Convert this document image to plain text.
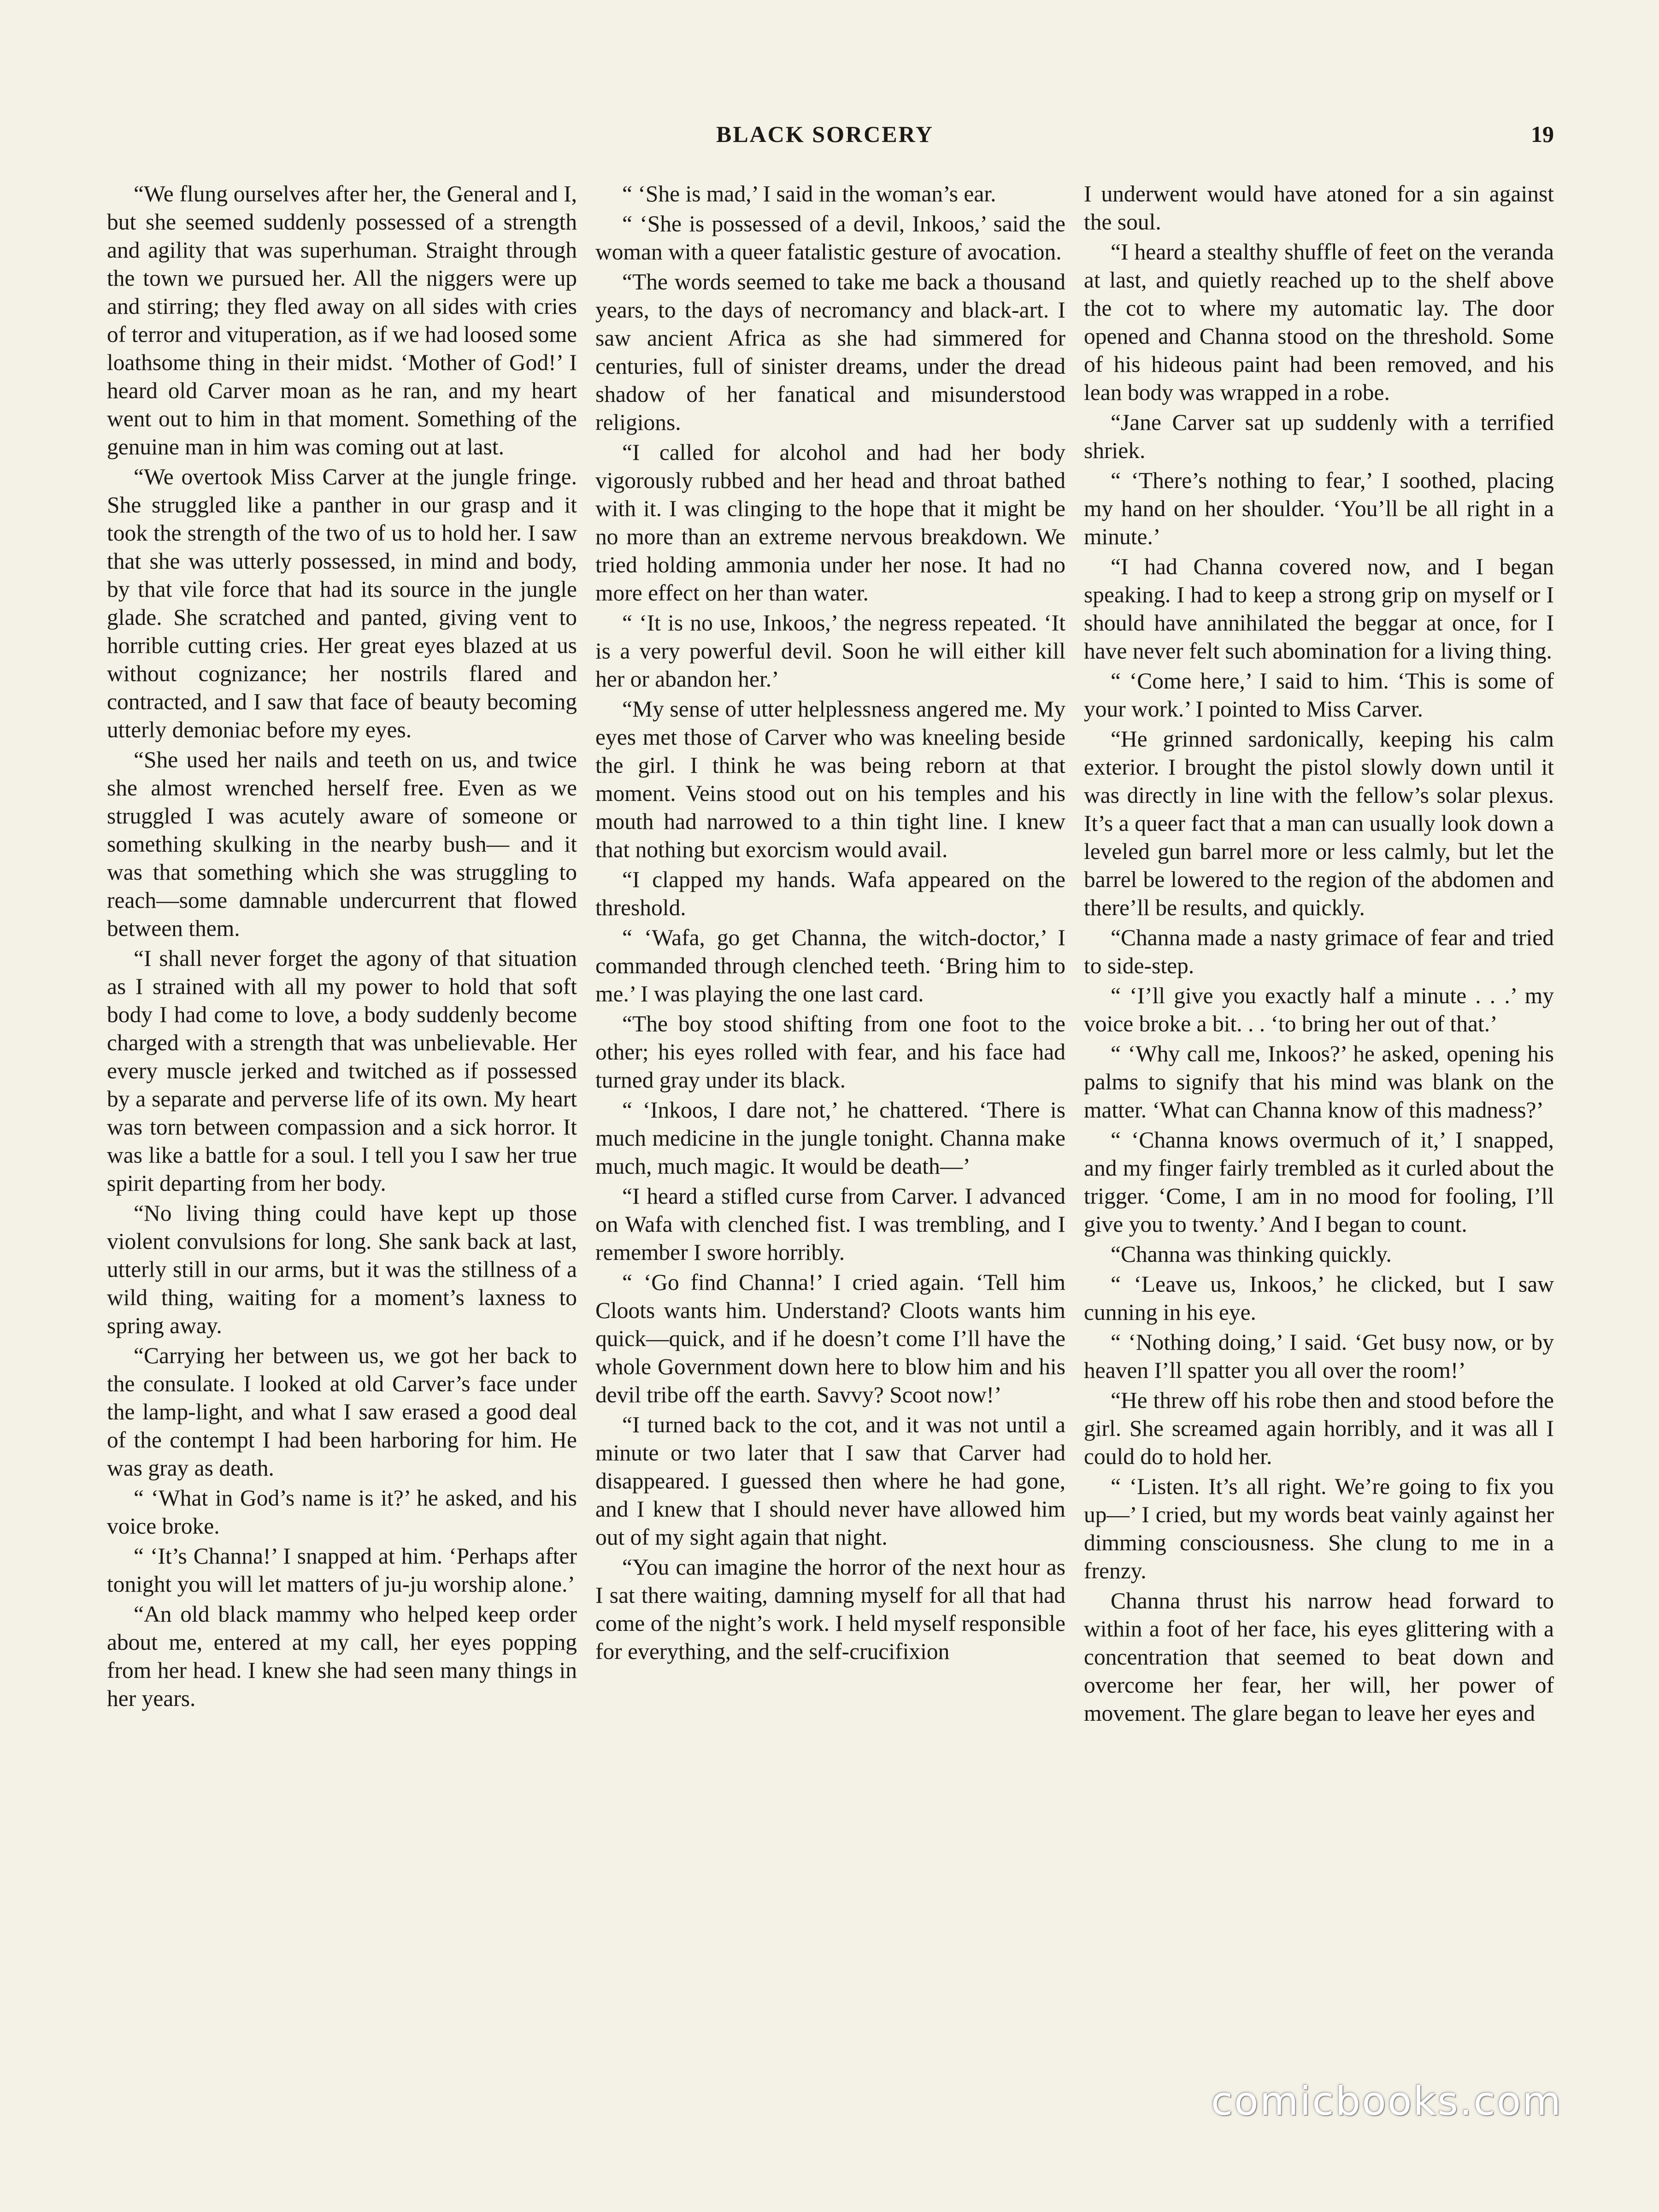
BLACK SORCERY	19

“We flung ourselves after her, the General and I, but she seemed suddenly possessed of a strength and agility that was superhuman. Straight through the town we pursued her. All the niggers were up and stirring; they fled away on all sides with cries of terror and vituperation, as if we had loosed some loathsome thing in their midst. ‘Mother of God!’ I heard old Carver moan as he ran, and my heart went out to him in that moment. Something of the genuine man in him was coming out at last.

“We overtook Miss Carver at the jungle fringe. She struggled like a panther in our grasp and it took the strength of the two of us to hold her. I saw that she was utterly possessed, in mind and body, by that vile force that had its source in the jungle glade. She scratched and panted, giving vent to horrible cutting cries. Her great eyes blazed at us without cognizance; her nostrils flared and contracted, and I saw that face of beauty becoming utterly demoniac before my eyes.

“She used her nails and teeth on us, and twice she almost wrenched herself free. Even as we struggled I was acutely aware of someone or something skulking in the nearby bush— and it was that something which she was struggling to reach—some damnable undercurrent that flowed between them.

“I shall never forget the agony of that situation as I strained with all my power to hold that soft body I had come to love, a body suddenly become charged with a strength that was unbelievable. Her every muscle jerked and twitched as if possessed by a separate and perverse life of its own. My heart was torn between compassion and a sick horror. It was like a battle for a soul. I tell you I saw her true spirit departing from her body.

“No living thing could have kept up those violent convulsions for long. She sank back at last, utterly still in our arms, but it was the stillness of a wild thing, waiting for a moment’s laxness to spring away.

“Carrying her between us, we got her back to the consulate. I looked at old Carver’s face under the lamp-light, and what I saw erased a good deal of the contempt I had been harboring for him. He was gray as death.

“ ‘What in God’s name is it?’ he asked, and his voice broke.

“ ‘It’s Channa!’ I snapped at him. ‘Perhaps after tonight you will let matters of ju-ju worship alone.’

“An old black mammy who helped keep order about me, entered at my call, her eyes popping from her head. I knew she had seen many things in her years.

“ ‘She is mad,’ I said in the woman’s ear.

“ ‘She is possessed of a devil, Inkoos,’ said the woman with a queer fatalistic gesture of avocation.

“The words seemed to take me back a thousand years, to the days of necromancy and black-art. I saw ancient Africa as she had simmered for centuries, full of sinister dreams, under the dread shadow of her fanatical and misunderstood religions.

“I called for alcohol and had her body vigorously rubbed and her head and throat bathed with it. I was clinging to the hope that it might be no more than an extreme nervous breakdown. We tried holding ammonia under her nose. It had no more effect on her than water.

“ ‘It is no use, Inkoos,’ the negress repeated. ‘It is a very powerful devil. Soon he will either kill her or abandon her.’

“My sense of utter helplessness angered me. My eyes met those of Carver who was kneeling beside the girl. I think he was being reborn at that moment. Veins stood out on his temples and his mouth had narrowed to a thin tight line. I knew that nothing but exorcism would avail.

“I clapped my hands. Wafa appeared on the threshold.

“ ‘Wafa, go get Channa, the witch-doctor,’ I commanded through clenched teeth. ‘Bring him to me.’ I was playing the one last card.

“The boy stood shifting from one foot to the other; his eyes rolled with fear, and his face had turned gray under its black.

“ ‘Inkoos, I dare not,’ he chattered. ‘There is much medicine in the jungle tonight. Channa make much, much magic. It would be death—’

“I heard a stifled curse from Carver. I advanced on Wafa with clenched fist. I was trembling, and I remember I swore horribly.

“ ‘Go find Channa!’ I cried again. ‘Tell him Cloots wants him. Understand? Cloots wants him quick—quick, and if he doesn’t come I’ll have the whole Government down here to blow him and his devil tribe off the earth. Savvy? Scoot now!’

“I turned back to the cot, and it was not until a minute or two later that I saw that Carver had disappeared. I guessed then where he had gone, and I knew that I should never have allowed him out of my sight again that night.

“You can imagine the horror of the next hour as I sat there waiting, damning myself for all that had come of the night’s work. I held myself responsible for everything, and the self-crucifixion

I underwent would have atoned for a sin against the soul.

“I heard a stealthy shuffle of feet on the veranda at last, and quietly reached up to the shelf above the cot to where my automatic lay. The door opened and Channa stood on the threshold. Some of his hideous paint had been removed, and his lean body was wrapped in a robe.

“Jane Carver sat up suddenly with a terrified shriek.

“ ‘There’s nothing to fear,’ I soothed, placing my hand on her shoulder. ‘You’ll be all right in a minute.’

“I had Channa covered now, and I began speaking. I had to keep a strong grip on myself or I should have annihilated the beggar at once, for I have never felt such abomination for a living thing.

“ ‘Come here,’ I said to him. ‘This is some of your work.’ I pointed to Miss Carver.

“He grinned sardonically, keeping his calm exterior. I brought the pistol slowly down until it was directly in line with the fellow’s solar plexus. It’s a queer fact that a man can usually look down a leveled gun barrel more or less calmly, but let the barrel be lowered to the region of the abdomen and there’ll be results, and quickly.

“Channa made a nasty grimace of fear and tried to side-step.

“ ‘I’ll give you exactly half a minute . . .’ my voice broke a bit. . . ‘to bring her out of that.’

“ ‘Why call me, Inkoos?’ he asked, opening his palms to signify that his mind was blank on the matter. ‘What can Channa know of this madness?’

“ ‘Channa knows overmuch of it,’ I snapped, and my finger fairly trembled as it curled about the trigger. ‘Come, I am in no mood for fooling, I’ll give you to twenty.’ And I began to count.

“Channa was thinking quickly.

“ ‘Leave us, Inkoos,’ he clicked, but I saw cunning in his eye.

“ ‘Nothing doing,’ I said. ‘Get busy now, or by heaven I’ll spatter you all over the room!’

“He threw off his robe then and stood before the girl. She screamed again horribly, and it was all I could do to hold her.

“ ‘Listen. It’s all right. We’re going to fix you up—’ I cried, but my words beat vainly against her dimming consciousness. She clung to me in a frenzy.

Channa thrust his narrow head forward to within a foot of her face, his eyes glittering with a concentration that seemed to beat down and overcome her fear, her will, her power of movement. The glare began to leave her eyes and

comicbooks.com
